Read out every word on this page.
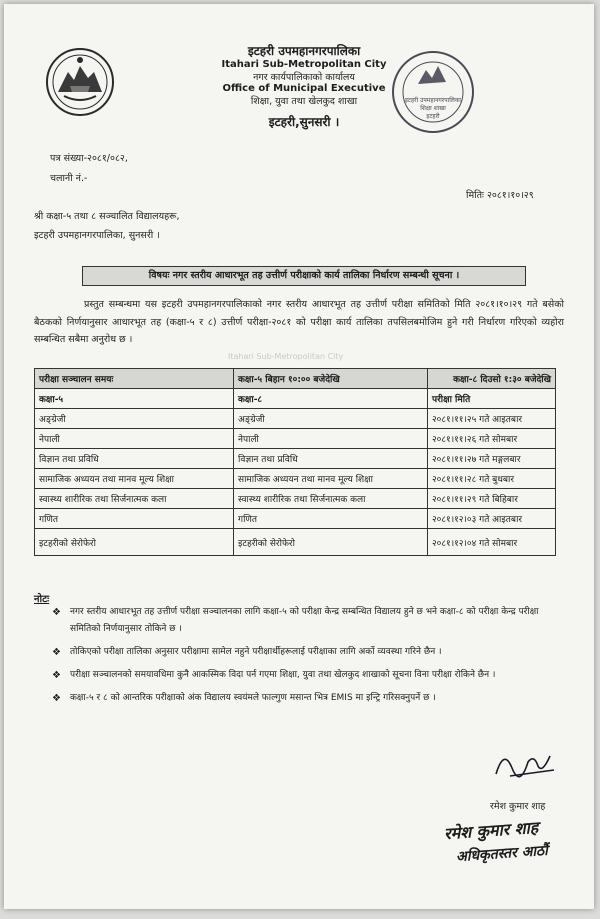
इटहरी उपमहानगरपालिका
Itahari Sub-Metropolitan City
नगर कार्यपालिकाको कार्यालय
Office of Municipal Executive
शिक्षा, युवा तथा खेलकुद शाखा
इटहरी,सुनसरी ।
इटहरी उपमहानगरपालिका
शिक्षा शाखा
इटहरी
पत्र संख्या-२०८१/०८२,
चलानी नं.-
मितिः २०८१।१०।२९
श्री कक्षा-५ तथा ८ सञ्चालित विद्यालयहरू,
इटहरी उपमहानगरपालिका, सुनसरी ।
विषयः नगर स्तरीय आधारभूत तह उत्तीर्ण परीक्षाको कार्य तालिका निर्धारण सम्बन्धी सूचना ।
प्रस्तुत सम्बन्धमा यस इटहरी उपमहानगरपालिकाको नगर स्तरीय आधारभूत तह उत्तीर्ण परीक्षा समितिको मिति २०८१।१०।२९ गते बसेको बैठकको निर्णयानुसार आधारभूत तह (कक्षा-५ र ८) उत्तीर्ण परीक्षा-२०८१ को परीक्षा कार्य तालिका तपसिलबमोजिम हुने गरी निर्धारण गरिएको व्यहोरा सम्बन्धित सबैमा अनुरोध छ ।
Itahari Sub-Metropolitan City
परीक्षा सञ्चालन समयः	कक्षा-५ बिहान १०:०० बजेदेखि	कक्षा-८ दिउसो १:३० बजेदेखि
कक्षा-५	कक्षा-८	परीक्षा मिति
अङ्ग्रेजी	अङ्ग्रेजी	२०८१।११।२५ गते आइतबार
नेपाली	नेपाली	२०८१।११।२६ गते सोमबार
विज्ञान तथा प्रविधि	विज्ञान तथा प्रविधि	२०८१।११।२७ गते मङ्गलबार
सामाजिक अध्ययन तथा मानव मूल्य शिक्षा	सामाजिक अध्ययन तथा मानव मूल्य शिक्षा	२०८१।११।२८ गते बुधबार
स्वास्थ्य शारीरिक तथा सिर्जनात्मक कला	स्वास्थ्य शारीरिक तथा सिर्जनात्मक कला	२०८१।११।२९ गते बिहिबार
गणित	गणित	२०८१।१२।०३ गते आइतबार
इटहरीको सेरोफेरो	इटहरीको सेरोफेरो	२०८१।१२।०४ गते सोमबार
नोटः
❖ नगर स्तरीय आधारभूत तह उत्तीर्ण परीक्षा सञ्चालनका लागि कक्षा-५ को परीक्षा केन्द्र सम्बन्धित विद्यालय हुने छ भने कक्षा-८ को परीक्षा केन्द्र परीक्षा समितिको निर्णयानुसार तोकिने छ ।
❖ तोकिएको परीक्षा तालिका अनुसार परीक्षामा सामेल नहुने परीक्षार्थीहरूलाई परीक्षाका लागि अर्को व्यवस्था गरिने छैन ।
❖ परीक्षा सञ्चालनको समयावधिमा कुनै आकस्मिक विदा पर्न गएमा शिक्षा, युवा तथा खेलकुद शाखाको सूचना विना परीक्षा रोकिने छैन ।
❖ कक्षा-५ र ८ को आन्तरिक परीक्षाको अंक विद्यालय स्वयंमले फाल्गुण मसान्त भित्र EMIS मा इन्ट्रि गरिसक्नुपर्ने छ ।
रमेश कुमार शाह
रमेश कुमार शाह
अधिकृतस्तर आठौं
